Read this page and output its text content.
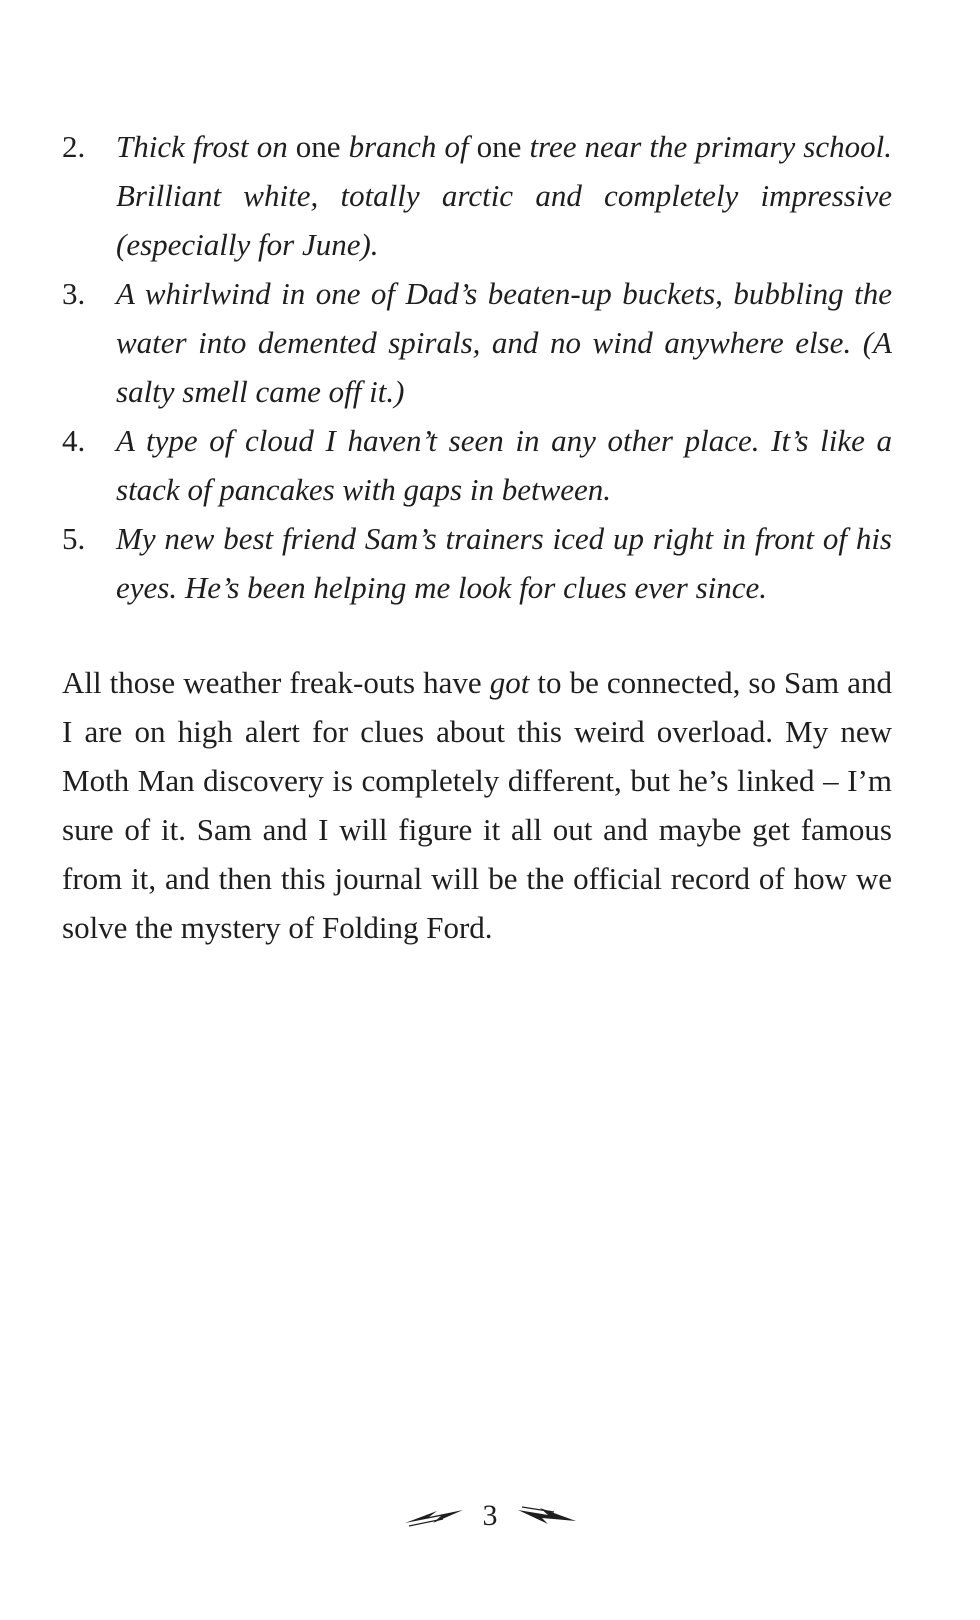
2. Thick frost on one branch of one tree near the primary school. Brilliant white, totally arctic and completely impressive (especially for June).
3. A whirlwind in one of Dad’s beaten-up buckets, bubbling the water into demented spirals, and no wind anywhere else. (A salty smell came off it.)
4. A type of cloud I haven’t seen in any other place. It’s like a stack of pancakes with gaps in between.
5. My new best friend Sam’s trainers iced up right in front of his eyes. He’s been helping me look for clues ever since.

All those weather freak-outs have got to be connected, so Sam and I are on high alert for clues about this weird overload. My new Moth Man discovery is completely different, but he’s linked – I’m sure of it. Sam and I will figure it all out and maybe get famous from it, and then this journal will be the official record of how we solve the mystery of Folding Ford.

3
